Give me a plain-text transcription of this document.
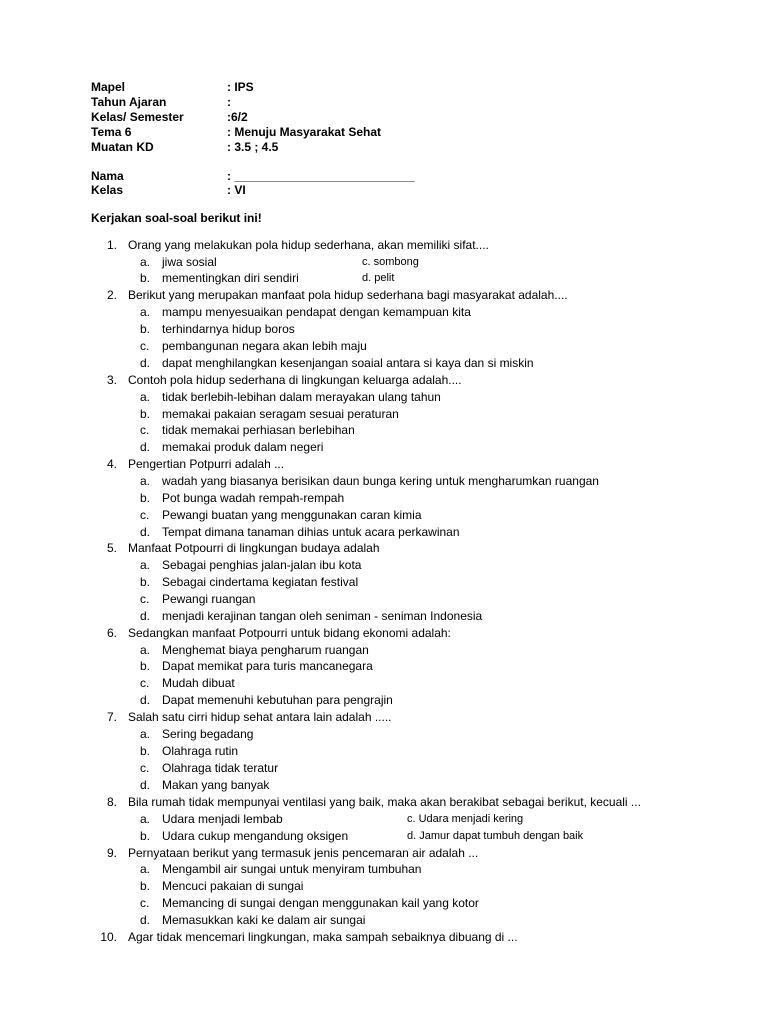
Mapel	: IPS
Tahun Ajaran	:
Kelas/ Semester	:6/2
Tema 6	: Menuju Masyarakat Sehat
Muatan KD	: 3.5 ; 4.5
Nama	: ___________________________
Kelas	: VI
Kerjakan soal-soal berikut ini!
1. Orang yang melakukan pola hidup sederhana, akan memiliki sifat....
a. jiwa sosial	c. sombong
b. mementingkan diri sendiri	d. pelit
2. Berikut yang merupakan manfaat pola hidup sederhana bagi masyarakat adalah....
a. mampu menyesuaikan pendapat dengan kemampuan kita
b. terhindarnya hidup boros
c. pembangunan negara akan lebih maju
d. dapat menghilangkan kesenjangan soaial antara si kaya dan si miskin
3. Contoh pola hidup sederhana di lingkungan keluarga adalah....
a. tidak berlebih-lebihan dalam merayakan ulang tahun
b. memakai pakaian seragam sesuai peraturan
c. tidak memakai perhiasan berlebihan
d. memakai produk dalam negeri
4. Pengertian Potpurri adalah ...
a. wadah yang biasanya berisikan daun bunga kering untuk mengharumkan ruangan
b. Pot bunga wadah rempah-rempah
c. Pewangi buatan yang menggunakan caran kimia
d. Tempat dimana tanaman dihias untuk acara perkawinan
5. Manfaat Potpourri di lingkungan budaya adalah
a. Sebagai penghias jalan-jalan ibu kota
b. Sebagai cindertama kegiatan festival
c. Pewangi ruangan
d. menjadi kerajinan tangan oleh seniman - seniman Indonesia
6. Sedangkan manfaat Potpourri untuk bidang ekonomi adalah:
a. Menghemat biaya pengharum ruangan
b. Dapat memikat para turis mancanegara
c. Mudah dibuat
d. Dapat memenuhi kebutuhan para pengrajin
7. Salah satu cirri hidup sehat antara lain adalah .....
a. Sering begadang
b. Olahraga rutin
c. Olahraga tidak teratur
d. Makan yang banyak
8. Bila rumah tidak mempunyai ventilasi yang baik, maka akan berakibat sebagai berikut, kecuali ...
a. Udara menjadi lembab	c. Udara menjadi kering
b. Udara cukup mengandung oksigen	d. Jamur dapat tumbuh dengan baik
9. Pernyataan berikut yang termasuk jenis pencemaran air adalah ...
a. Mengambil air sungai untuk menyiram tumbuhan
b. Mencuci pakaian di sungai
c. Memancing di sungai dengan menggunakan kail yang kotor
d. Memasukkan kaki ke dalam air sungai
10. Agar tidak mencemari lingkungan, maka sampah sebaiknya dibuang di ...
